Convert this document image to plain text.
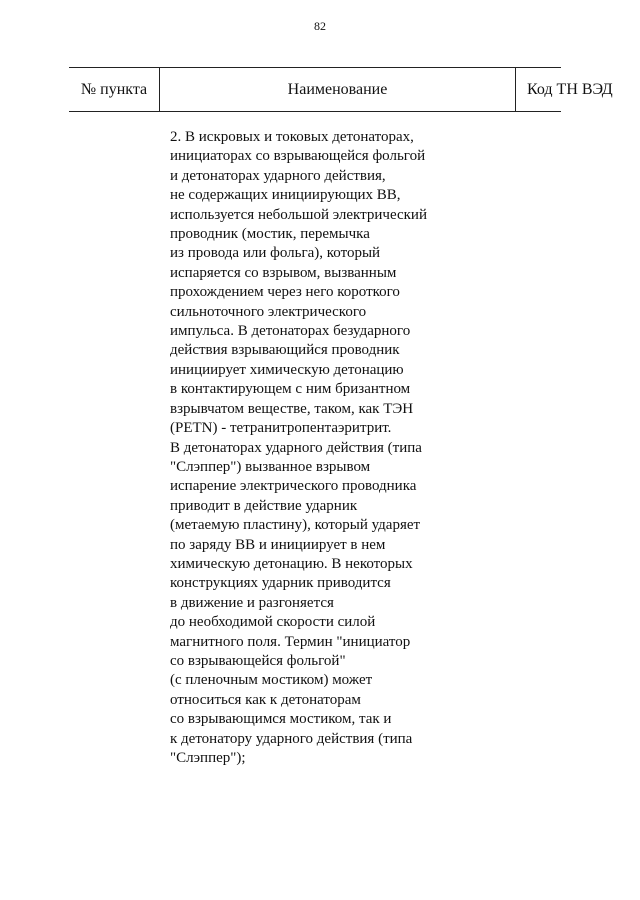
82
№ пункта	Наименование	Код ТН ВЭД
2. В искровых и токовых детонаторах,
инициаторах со взрывающейся фольгой
и детонаторах ударного действия,
не содержащих инициирующих ВВ,
используется небольшой электрический
проводник (мостик, перемычка
из провода или фольга), который
испаряется со взрывом, вызванным
прохождением через него короткого
сильноточного электрического
импульса. В детонаторах безударного
действия взрывающийся проводник
инициирует химическую детонацию
в контактирующем с ним бризантном
взрывчатом веществе, таком, как ТЭН
(PETN) - тетранитропентаэритрит.
В детонаторах ударного действия (типа
"Слэппер") вызванное взрывом
испарение электрического проводника
приводит в действие ударник
(метаемую пластину), который ударяет
по заряду ВВ и инициирует в нем
химическую детонацию. В некоторых
конструкциях ударник приводится
в движение и разгоняется
до необходимой скорости силой
магнитного поля. Термин "инициатор
со взрывающейся фольгой"
(с пленочным мостиком) может
относиться как к детонаторам
со взрывающимся мостиком, так и
к детонатору ударного действия (типа
"Слэппер");
